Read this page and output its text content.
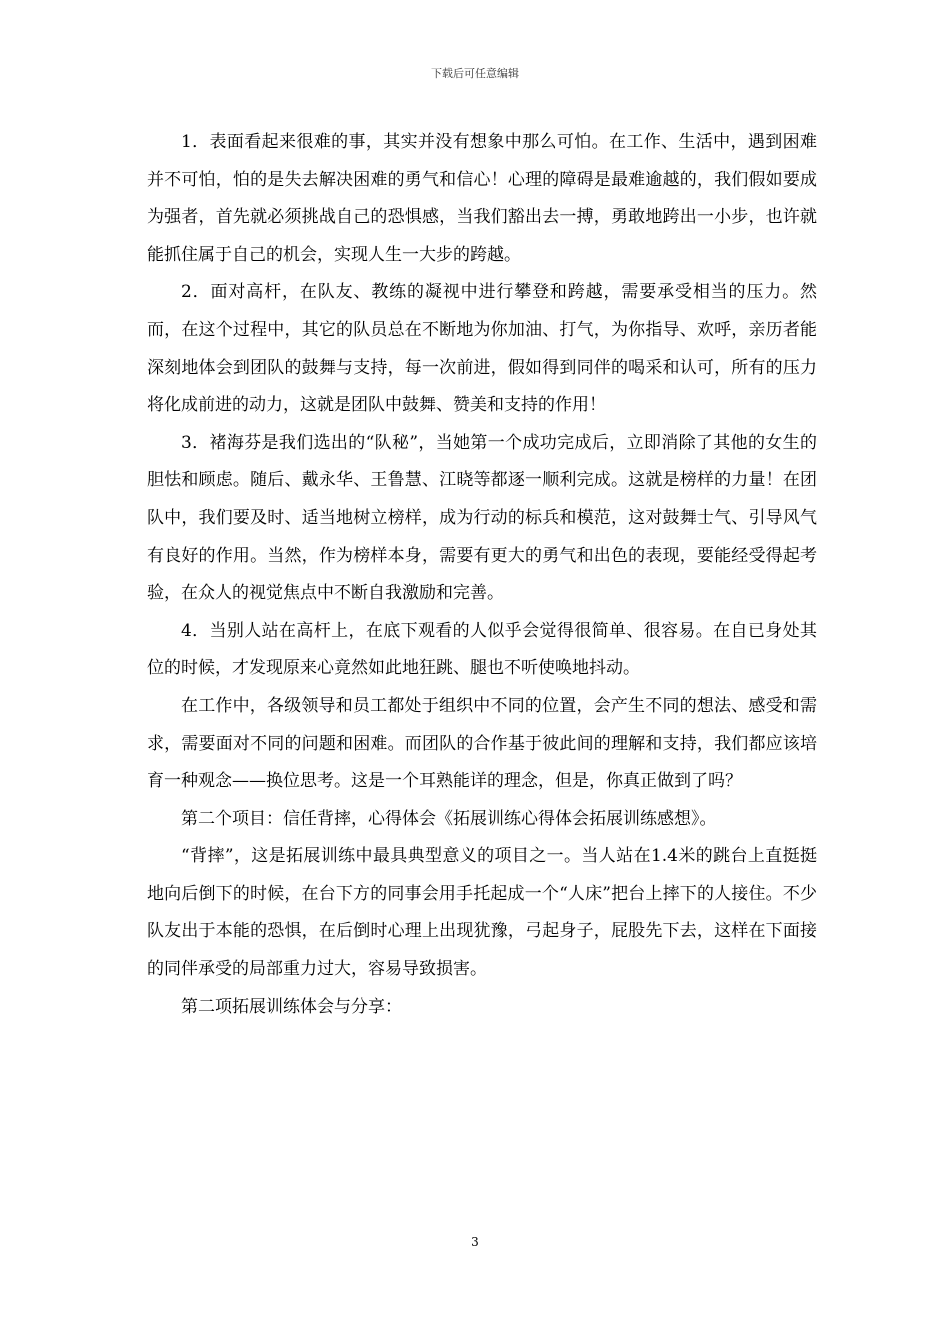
下载后可任意编辑

1．表面看起来很难的事，其实并没有想象中那么可怕。在工作、生活中，遇到困难并不可怕，怕的是失去解决困难的勇气和信心！心理的障碍是最难逾越的，我们假如要成为强者，首先就必须挑战自己的恐惧感，当我们豁出去一搏，勇敢地跨出一小步，也许就能抓住属于自己的机会，实现人生一大步的跨越。

2．面对高杆，在队友、教练的凝视中进行攀登和跨越，需要承受相当的压力。然而，在这个过程中，其它的队员总在不断地为你加油、打气，为你指导、欢呼，亲历者能深刻地体会到团队的鼓舞与支持，每一次前进，假如得到同伴的喝采和认可，所有的压力将化成前进的动力，这就是团队中鼓舞、赞美和支持的作用！

3．褚海芬是我们选出的“队秘”，当她第一个成功完成后，立即消除了其他的女生的胆怯和顾虑。随后、戴永华、王鲁慧、江晓等都逐一顺利完成。这就是榜样的力量！在团队中，我们要及时、适当地树立榜样，成为行动的标兵和模范，这对鼓舞士气、引导风气有良好的作用。当然，作为榜样本身，需要有更大的勇气和出色的表现，要能经受得起考验，在众人的视觉焦点中不断自我激励和完善。

4．当别人站在高杆上，在底下观看的人似乎会觉得很简单、很容易。在自已身处其位的时候，才发现原来心竟然如此地狂跳、腿也不听使唤地抖动。

在工作中，各级领导和员工都处于组织中不同的位置，会产生不同的想法、感受和需求，需要面对不同的问题和困难。而团队的合作基于彼此间的理解和支持，我们都应该培育一种观念——换位思考。这是一个耳熟能详的理念，但是，你真正做到了吗？

第二个项目：信任背摔，心得体会《拓展训练心得体会拓展训练感想》。

“背摔”，这是拓展训练中最具典型意义的项目之一。当人站在1.4米的跳台上直挺挺地向后倒下的时候，在台下方的同事会用手托起成一个“人床”把台上摔下的人接住。不少队友出于本能的恐惧，在后倒时心理上出现犹豫，弓起身子，屁股先下去，这样在下面接的同伴承受的局部重力过大，容易导致损害。

第二项拓展训练体会与分享：

3
